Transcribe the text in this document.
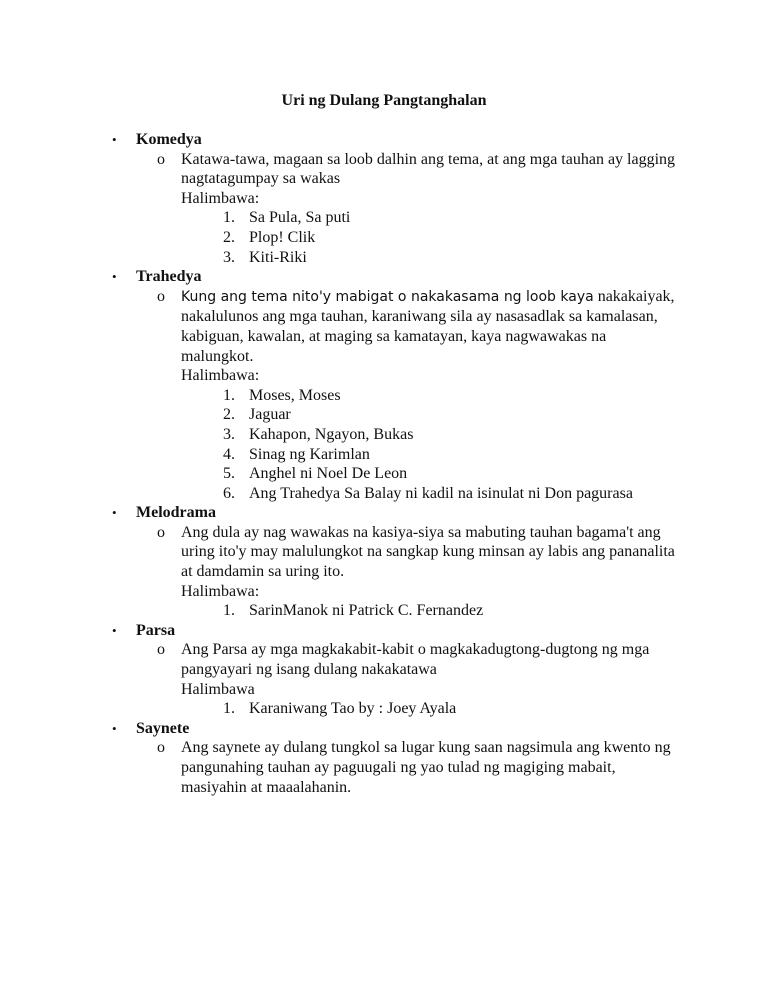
Uri ng Dulang Pangtanghalan
• Komedya
o Katawa-tawa, magaan sa loob dalhin ang tema, at ang mga tauhan ay lagging nagtatagumpay sa wakas
Halimbawa:
1. Sa Pula, Sa puti
2. Plop! Clik
3. Kiti-Riki
• Trahedya
o Kung ang tema nito'y mabigat o nakakasama ng loob kaya nakakaiyak, nakalulunos ang mga tauhan, karaniwang sila ay nasasadlak sa kamalasan, kabiguan, kawalan, at maging sa kamatayan, kaya nagwawakas na malungkot.
Halimbawa:
1. Moses, Moses
2. Jaguar
3. Kahapon, Ngayon, Bukas
4. Sinag ng Karimlan
5. Anghel ni Noel De Leon
6. Ang Trahedya Sa Balay ni kadil na isinulat ni Don pagurasa
• Melodrama
o Ang dula ay nag wawakas na kasiya-siya sa mabuting tauhan bagama't ang uring ito'y may malulungkot na sangkap kung minsan ay labis ang pananalita at damdamin sa uring ito.
Halimbawa:
1. SarinManok ni Patrick C. Fernandez
• Parsa
o Ang Parsa ay mga magkakabit-kabit o magkakadugtong-dugtong ng mga pangyayari ng isang dulang nakakatawa
Halimbawa
1. Karaniwang Tao by : Joey Ayala
• Saynete
o Ang saynete ay dulang tungkol sa lugar kung saan nagsimula ang kwento ng pangunahing tauhan ay paguugali ng yao tulad ng magiging mabait, masiyahin at maaalahanin.
